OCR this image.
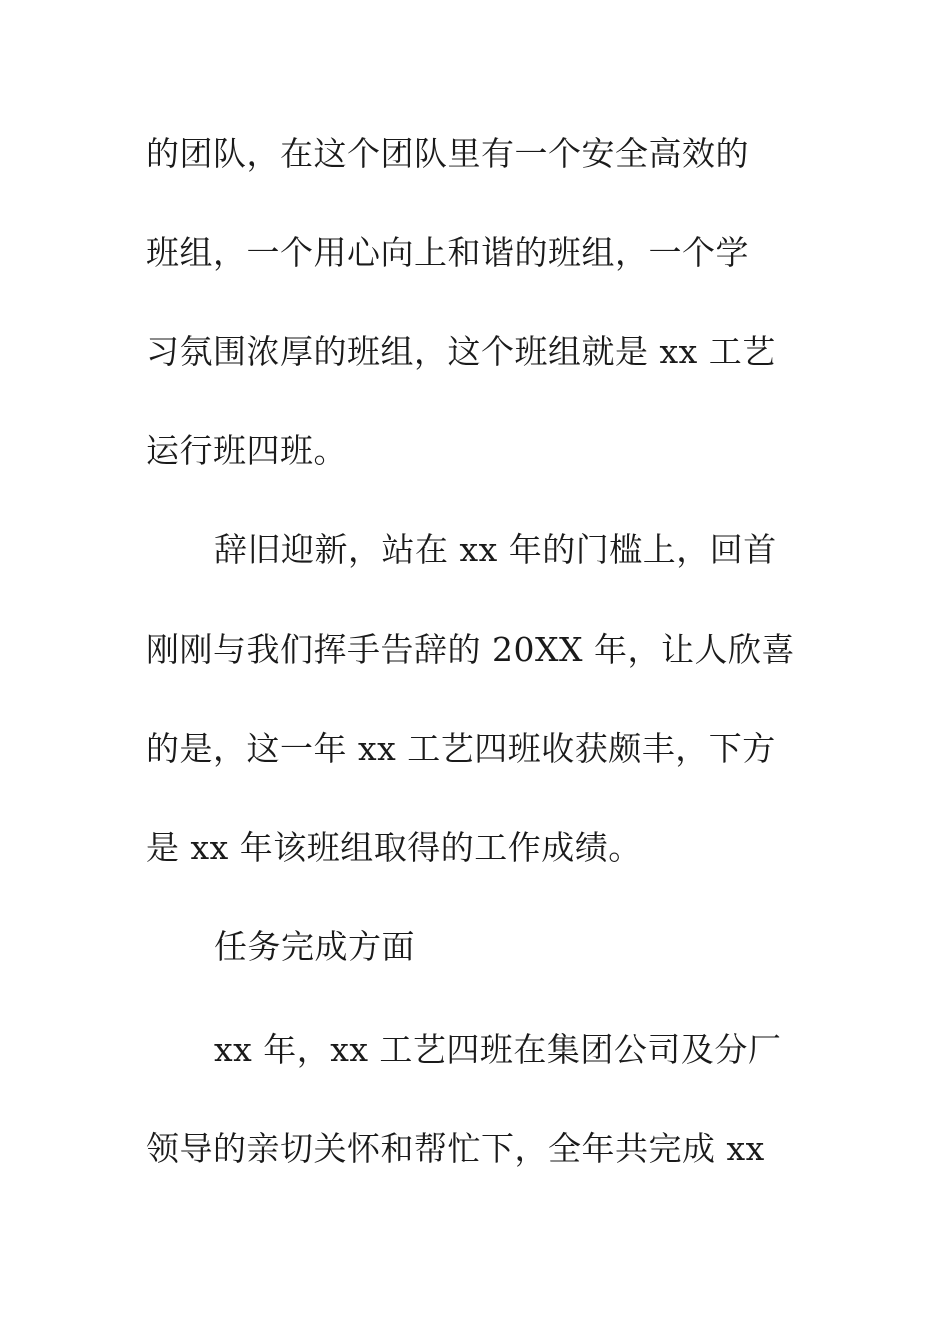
的团队，在这个团队里有一个安全高效的
班组，一个用心向上和谐的班组，一个学
习氛围浓厚的班组，这个班组就是 xx 工艺
运行班四班。
辞旧迎新，站在 xx 年的门槛上，回首
刚刚与我们挥手告辞的 20XX 年，让人欣喜
的是，这一年 xx 工艺四班收获颇丰，下方
是 xx 年该班组取得的工作成绩。
任务完成方面
xx 年，xx 工艺四班在集团公司及分厂
领导的亲切关怀和帮忙下，全年共完成 xx
